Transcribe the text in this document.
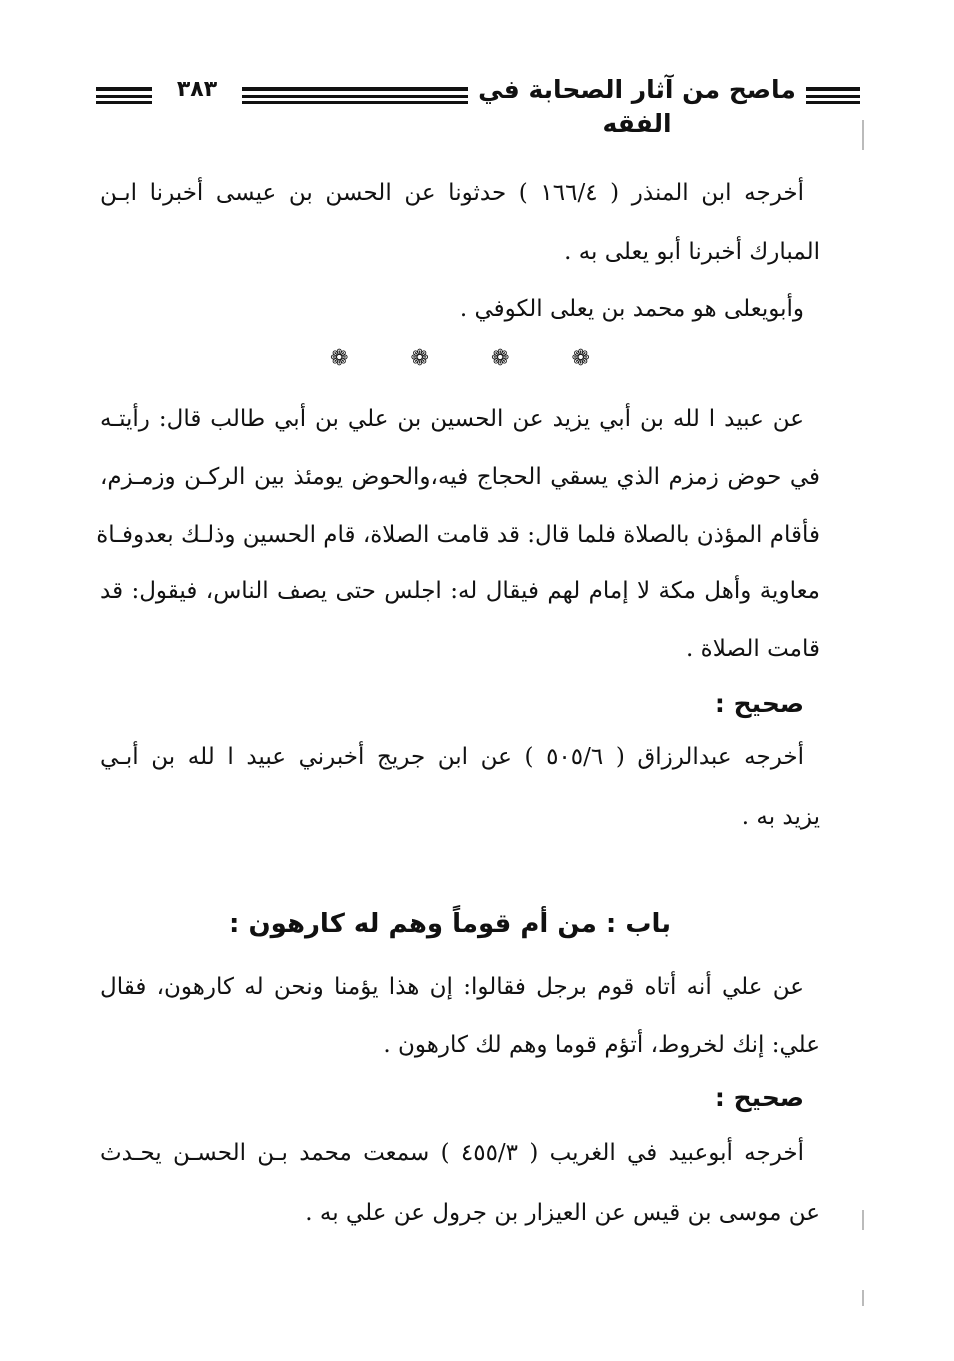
٣٨٣	ماصح من آثار الصحابة في الفقه
أخرجه ابن المنذر ( ١٦٦/٤ ) حدثونا عن الحسن بن عيسى أخبرنا ابـن
المبارك أخبرنا أبو يعلى به .
وأبويعلى هو محمد بن يعلى الكوفي .
❁	❁	❁	❁
عن عبيد ا لله بن أبي يزيد عن الحسين بن علي بن أبي طالب قال: رأيتـه
في حوض زمزم الذي يسقي الحجاج فيه،والحوض يومئذ بين الركـن وزمـزم،
فأقام المؤذن بالصلاة فلما قال: قد قامت الصلاة، قام الحسين وذلـك بعدوفـاة
معاوية وأهل مكة لا إمام لهم فيقال له: اجلس حتى يصف الناس، فيقول: قد
قامت الصلاة .
صحيح :
أخرجه عبدالرزاق ( ٥٠٥/٦ ) عن ابن جريج أخبرني عبيد ا لله بن أبـي
يزيد به .
باب : من أم قوماً وهم له كارهون :
عن علي أنه أتاه قوم برجل فقالوا: إن هذا يؤمنا ونحن له كارهون، فقال
علي: إنك لخروط، أتؤم قوما وهم لك كارهون .
صحيح :
أخرجه أبوعبيد في الغريب ( ٤٥٥/٣ ) سمعت محمد بـن الحسـن يحـدث
عن موسى بن قيس عن العيزار بن جرول عن علي به .
